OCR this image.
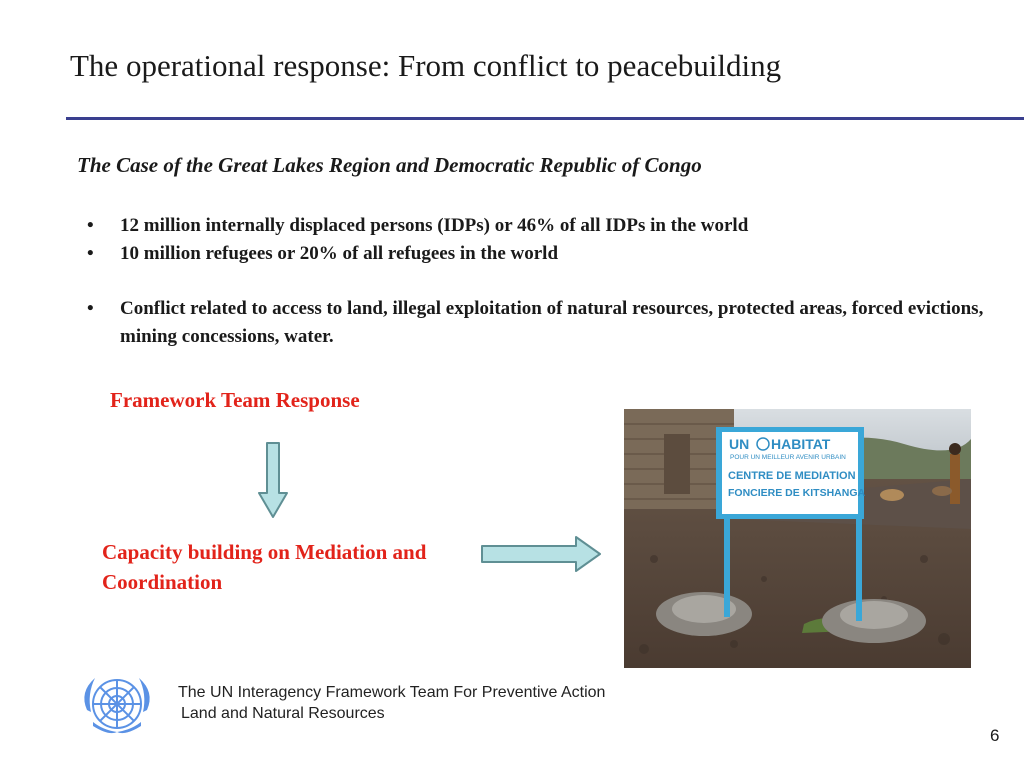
The operational response: From conflict to peacebuilding
The Case of the Great Lakes Region and Democratic Republic of Congo
• 12 million internally displaced persons (IDPs) or 46% of all IDPs in the world
• 10 million refugees or 20% of all refugees in the world
• Conflict related to access to land, illegal exploitation of natural resources, protected areas, forced evictions, mining concessions, water.
Framework Team Response
Capacity building on Mediation and Coordination
UN HABITAT
POUR UN MEILLEUR AVENIR URBAIN
CENTRE DE MEDIATION
FONCIERE DE KITSHANGA
The UN Interagency Framework Team For Preventive Action
Land and Natural Resources
6
